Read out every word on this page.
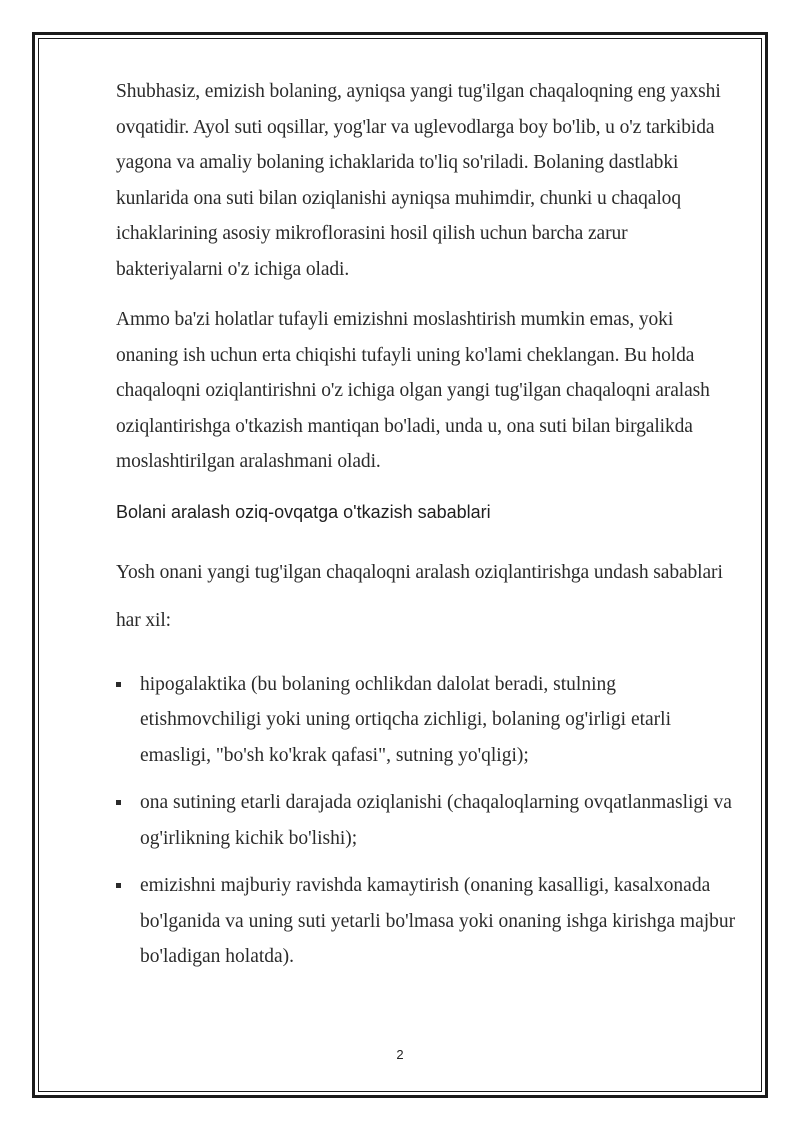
Shubhasiz, emizish bolaning, ayniqsa yangi tug'ilgan chaqaloqning eng yaxshi ovqatidir. Ayol suti oqsillar, yog'lar va uglevodlarga boy bo'lib, u o'z tarkibida yagona va amaliy bolaning ichaklarida to'liq so'riladi. Bolaning dastlabki kunlarida ona suti bilan oziqlanishi ayniqsa muhimdir, chunki u chaqaloq ichaklarining asosiy mikroflorasini hosil qilish uchun barcha zarur bakteriyalarni o'z ichiga oladi.

Ammo ba'zi holatlar tufayli emizishni moslashtirish mumkin emas, yoki onaning ish uchun erta chiqishi tufayli uning ko'lami cheklangan. Bu holda chaqaloqni oziqlantirishni o'z ichiga olgan yangi tug'ilgan chaqaloqni aralash oziqlantirishga o'tkazish mantiqan bo'ladi, unda u, ona suti bilan birgalikda moslashtirilgan aralashmani oladi.

Bolani aralash oziq-ovqatga o'tkazish sabablari

Yosh onani yangi tug'ilgan chaqaloqni aralash oziqlantirishga undash sabablari har xil:

hipogalaktika (bu bolaning ochlikdan dalolat beradi, stulning etishmovchiligi yoki uning ortiqcha zichligi, bolaning og'irligi etarli emasligi, "bo'sh ko'krak qafasi", sutning yo'qligi);
ona sutining etarli darajada oziqlanishi (chaqaloqlarning ovqatlanmasligi va og'irlikning kichik bo'lishi);
emizishni majburiy ravishda kamaytirish (onaning kasalligi, kasalxonada bo'lganida va uning suti yetarli bo'lmasa yoki onaning ishga kirishga majbur bo'ladigan holatda).
2
